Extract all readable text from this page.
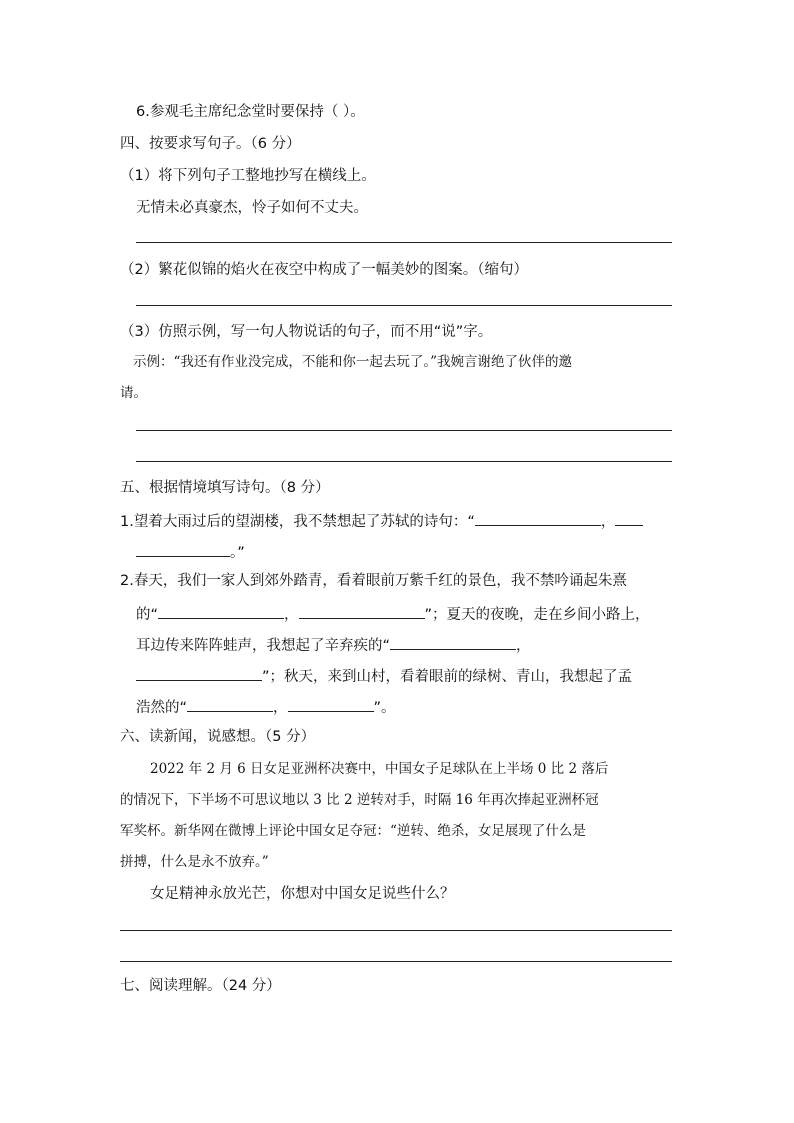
6.参观毛主席纪念堂时要保持（ ）。
四、按要求写句子。（6 分）
（1）将下列句子工整地抄写在横线上。
无情未必真豪杰，怜子如何不丈夫。
（2）繁花似锦的焰火在夜空中构成了一幅美妙的图案。（缩句）
（3）仿照示例，写一句人物说话的句子，而不用“说”字。
示例：“我还有作业没完成，不能和你一起去玩了。”我婉言谢绝了伙伴的邀
请。
五、根据情境填写诗句。（8 分）
1.望着大雨过后的望湖楼，我不禁想起了苏轼的诗句：“	，
。”
2.春天，我们一家人到郊外踏青，看着眼前万紫千红的景色，我不禁吟诵起朱熹
的“	，	”；夏天的夜晚，走在乡间小路上，
耳边传来阵阵蛙声，我想起了辛弃疾的“	，
”；秋天，来到山村，看着眼前的绿树、青山，我想起了孟
浩然的“	，	”。
六、读新闻，说感想。（5 分）
2022 年 2 月 6 日女足亚洲杯决赛中，中国女子足球队在上半场 0 比 2 落后
的情况下，下半场不可思议地以 3 比 2 逆转对手，时隔 16 年再次捧起亚洲杯冠
军奖杯。新华网在微博上评论中国女足夺冠：“逆转、绝杀，女足展现了什么是
拼搏，什么是永不放弃。”
女足精神永放光芒，你想对中国女足说些什么？
七、阅读理解。（24 分）
